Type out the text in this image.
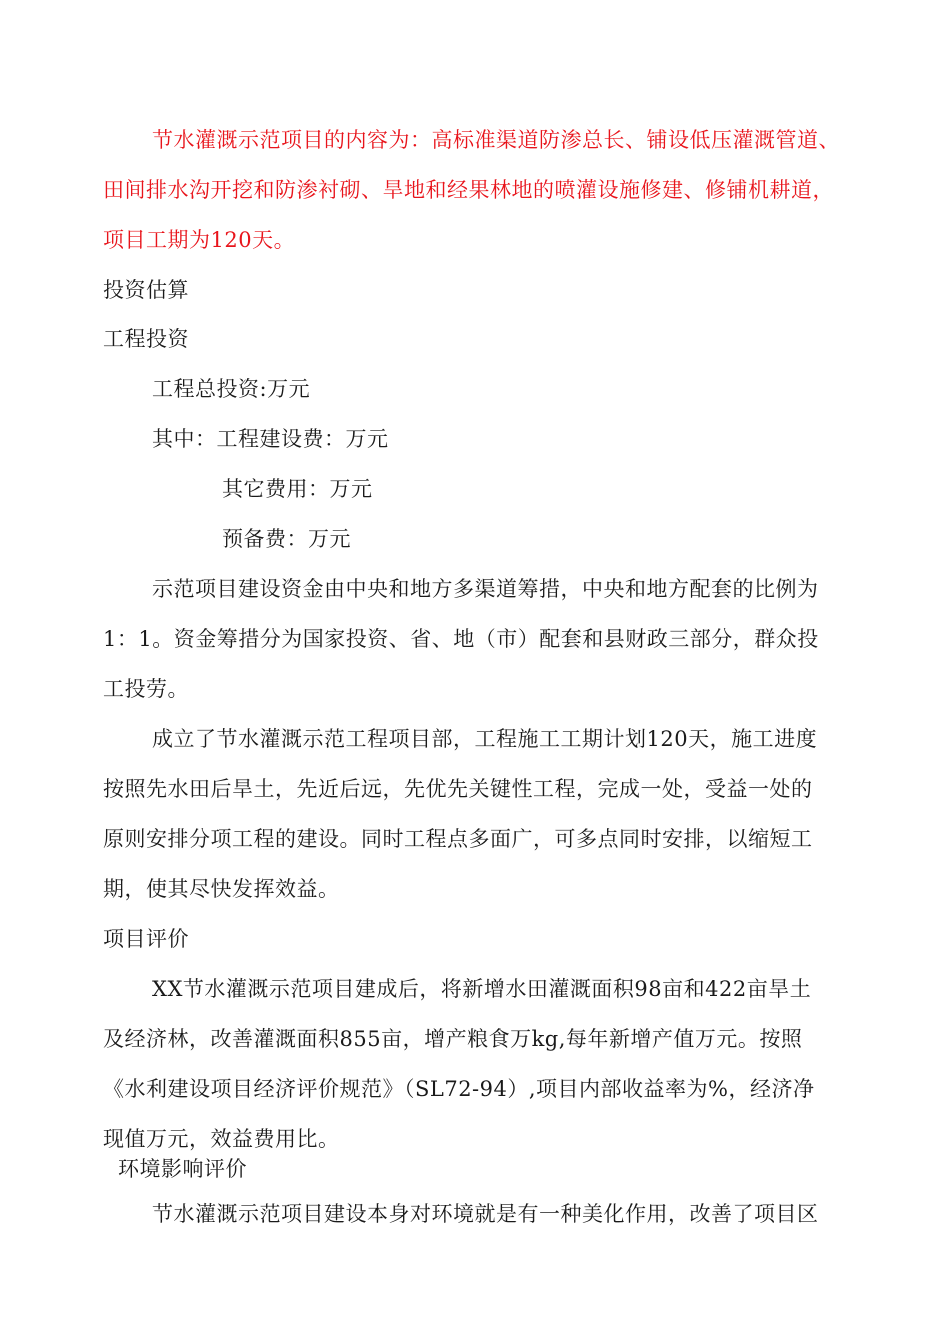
节水灌溉示范项目的内容为：高标准渠道防渗总长、铺设低压灌溉管道、
田间排水沟开挖和防渗衬砌、旱地和经果林地的喷灌设施修建、修铺机耕道，
项目工期为120天。
投资估算
工程投资
工程总投资:万元
其中：工程建设费：万元
其它费用：万元
预备费：万元
示范项目建设资金由中央和地方多渠道筹措，中央和地方配套的比例为
1：1。资金筹措分为国家投资、省、地（市）配套和县财政三部分，群众投
工投劳。
成立了节水灌溉示范工程项目部，工程施工工期计划120天，施工进度
按照先水田后旱土，先近后远，先优先关键性工程，完成一处，受益一处的
原则安排分项工程的建设。同时工程点多面广，可多点同时安排，以缩短工
期，使其尽快发挥效益。
项目评价
XX节水灌溉示范项目建成后，将新增水田灌溉面积98亩和422亩旱土
及经济林，改善灌溉面积855亩，增产粮食万kg,每年新增产值万元。按照
《水利建设项目经济评价规范》（SL72-94）,项目内部收益率为%，经济净
现值万元，效益费用比。
环境影响评价
节水灌溉示范项目建设本身对环境就是有一种美化作用，改善了项目区
